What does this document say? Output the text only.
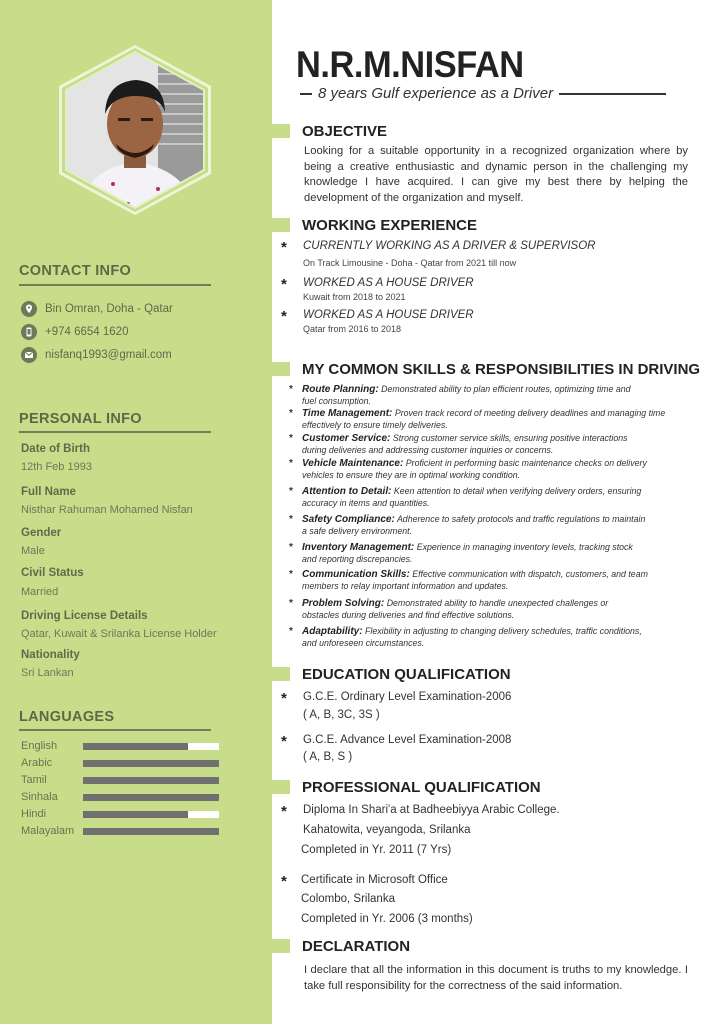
CONTACT INFO
Bin Omran, Doha - Qatar
+974 6654 1620
nisfanq1993@gmail.com
PERSONAL INFO
Date of Birth
12th Feb 1993
Full Name
Nisthar Rahuman Mohamed Nisfan
Gender
Male
Civil Status
Married
Driving License Details
Qatar, Kuwait & Srilanka License Holder
Nationality
Sri Lankan
LANGUAGES
English
Arabic
Tamil
Sinhala
Hindi
Malayalam
N.R.M.NISFAN
8 years Gulf experience as a Driver
OBJECTIVE
Looking for a suitable opportunity in a recognized organization where by being a creative enthusiastic and dynamic person in the challenging my knowledge I have acquired. I can give my best there by helping the development of the organization and myself.
WORKING EXPERIENCE
* CURRENTLY WORKING AS A DRIVER & SUPERVISOR
On Track Limousine - Doha - Qatar from 2021 till now
* WORKED AS A HOUSE DRIVER
Kuwait from 2018 to 2021
* WORKED AS A HOUSE DRIVER
Qatar from 2016 to 2018
MY COMMON SKILLS & RESPONSIBILITIES IN DRIVING
* Route Planning: Demonstrated ability to plan efficient routes, optimizing time and
fuel consumption.
* Time Management: Proven track record of meeting delivery deadlines and managing time
effectively to ensure timely deliveries.
* Customer Service: Strong customer service skills, ensuring positive interactions
during deliveries and addressing customer inquiries or concerns.
* Vehicle Maintenance: Proficient in performing basic maintenance checks on delivery
vehicles to ensure they are in optimal working condition.
* Attention to Detail: Keen attention to detail when verifying delivery orders, ensuring
accuracy in items and quantities.
* Safety Compliance: Adherence to safety protocols and traffic regulations to maintain
a safe delivery environment.
* Inventory Management: Experience in managing inventory levels, tracking stock
and reporting discrepancies.
* Communication Skills: Effective communication with dispatch, customers, and team
members to relay important information and updates.
* Problem Solving: Demonstrated ability to handle unexpected challenges or
obstacles during deliveries and find effective solutions.
* Adaptability: Flexibility in adjusting to changing delivery schedules, traffic conditions,
and unforeseen circumstances.
EDUCATION QUALIFICATION
* G.C.E. Ordinary Level Examination-2006
( A, B, 3C, 3S )
* G.C.E. Advance Level Examination-2008
( A, B, S )
PROFESSIONAL QUALIFICATION
* Diploma In Shari'a at Badheebiyya Arabic College.
Kahatowita, veyangoda, Srilanka
Completed in Yr. 2011 (7 Yrs)
* Certificate in Microsoft Office
Colombo, Srilanka
Completed in Yr. 2006 (3 months)
DECLARATION
I declare that all the information in this document is truths to my knowledge. I take full responsibility for the correctness of the said information.
